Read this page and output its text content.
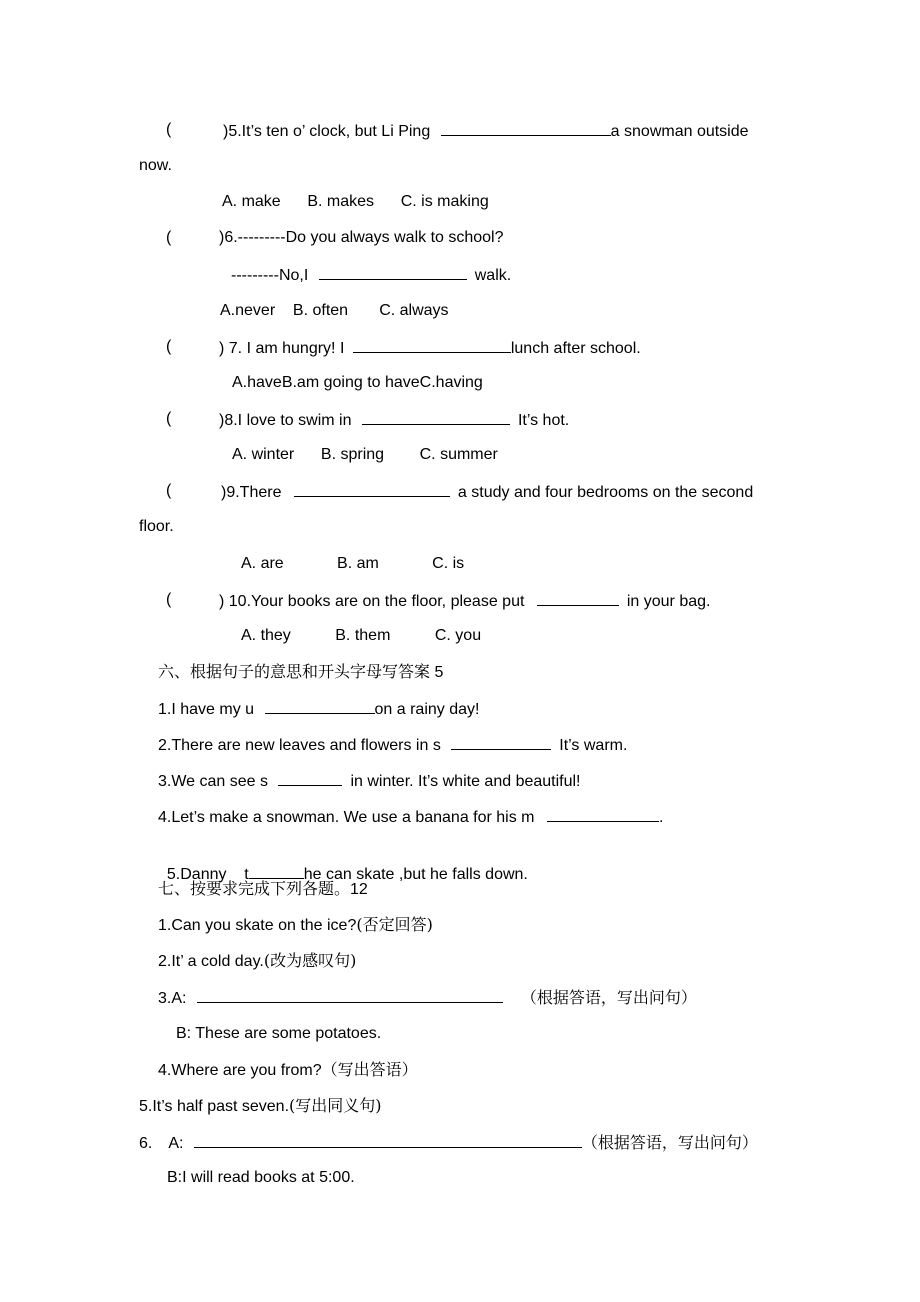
(	)5.It’s ten o’ clock, but Li Ping	a snowman outside
now.
A. make      B. makes      C. is making
(	)6.---------Do you always walk to school?
---------No,I	walk.
A.never    B. often       C. always
(	) 7. I am hungry! I	lunch after school.
A.haveB.am going to haveC.having
(	)8.I love to swim in	It’s hot.
A. winter      B. spring        C. summer
(	)9.There	a study and four bedrooms on the second
floor.
A. are            B. am            C. is
(	) 10.Your books are on the floor, please put	in your bag.
A. they          B. them          C. you
六、根据句子的意思和开头字母写答案 5
1.I have my u	on a rainy day!
2.There are new leaves and flowers in s	It’s warm.
3.We can see s	in winter. It’s white and beautiful!
4.Let’s make a snowman. We use a banana for his m	.

5.Danny    t	he can skate ,but he falls down.

七、按要求完成下列各题。12
1.Can you skate on the ice?(否定回答)
2.It’ a cold day.(改为感叹句)
3.A:	（根据答语，写出问句）
B: These are some potatoes.
4.Where are you from?（写出答语）
5.It’s half past seven.(写出同义句)
6. A:	（根据答语，写出问句）
B:I will read books at 5:00.
